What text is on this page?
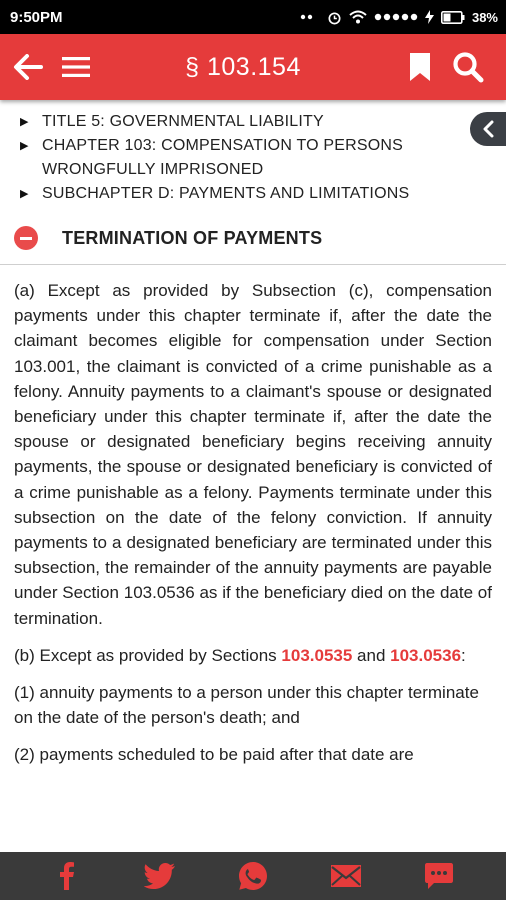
9:50PM	38%
§ 103.154
▶ TITLE 5: GOVERNMENTAL LIABILITY
▶ CHAPTER 103: COMPENSATION TO PERSONS WRONGFULLY IMPRISONED
▶ SUBCHAPTER D: PAYMENTS AND LIMITATIONS
TERMINATION OF PAYMENTS

(a) Except as provided by Subsection (c), compensation payments under this chapter terminate if, after the date the claimant becomes eligible for compensation under Section 103.001, the claimant is convicted of a crime punishable as a felony. Annuity payments to a claimant's spouse or designated beneficiary under this chapter terminate if, after the date the spouse or designated beneficiary begins receiving annuity payments, the spouse or designated beneficiary is convicted of a crime punishable as a felony. Payments terminate under this subsection on the date of the felony conviction. If annuity payments to a designated beneficiary are terminated under this subsection, the remainder of the annuity payments are payable under Section 103.0536 as if the beneficiary died on the date of termination.

(b) Except as provided by Sections 103.0535 and 103.0536:

(1) annuity payments to a person under this chapter terminate on the date of the person's death; and

(2) payments scheduled to be paid after that date are
